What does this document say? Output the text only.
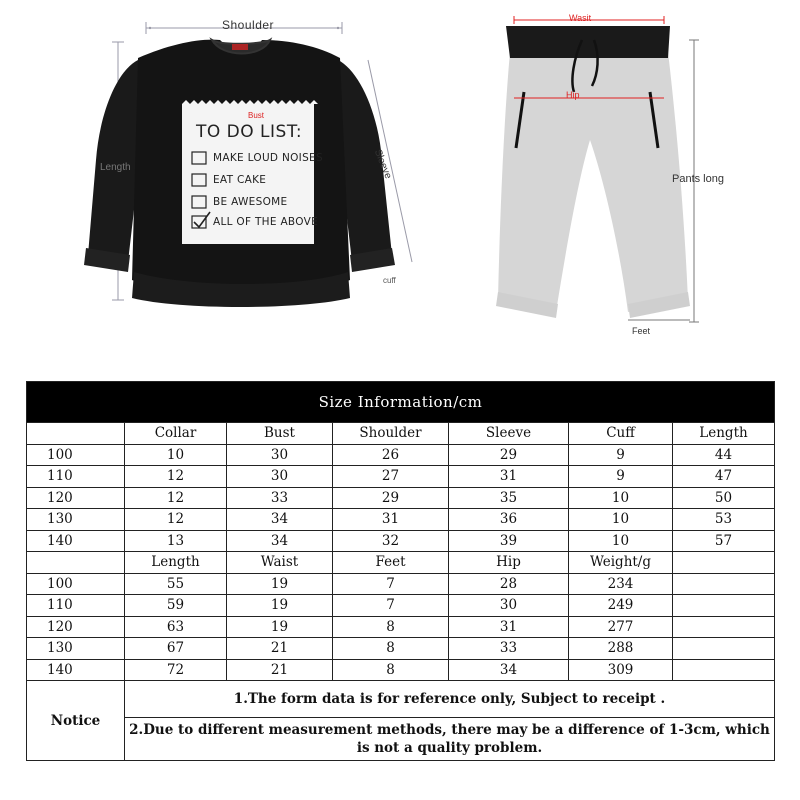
Shoulder
Length	Sleeve
cuff
Bust
Wasit
Hip
Pants long
Feet
TO DO LIST:
MAKE LOUD NOISES
EAT CAKE
BE AWESOME
ALL OF THE ABOVE
Size Information/cm						
	Collar	Bust	Shoulder	Sleeve	Cuff	Length
100	10	30	26	29	9	44
110	12	30	27	31	9	47
120	12	33	29	35	10	50
130	12	34	31	36	10	53
140	13	34	32	39	10	57
	Length	Waist	Feet	Hip	Weight/g	
100	55	19	7	28	234	
110	59	19	7	30	249	
120	63	19	8	31	277	
130	67	21	8	33	288	
140	72	21	8	34	309	
Notice	1.The form data is for reference only, Subject to receipt .					
	2.Due to different measurement methods, there may be a difference of 1-3cm, which is not a quality problem.					
